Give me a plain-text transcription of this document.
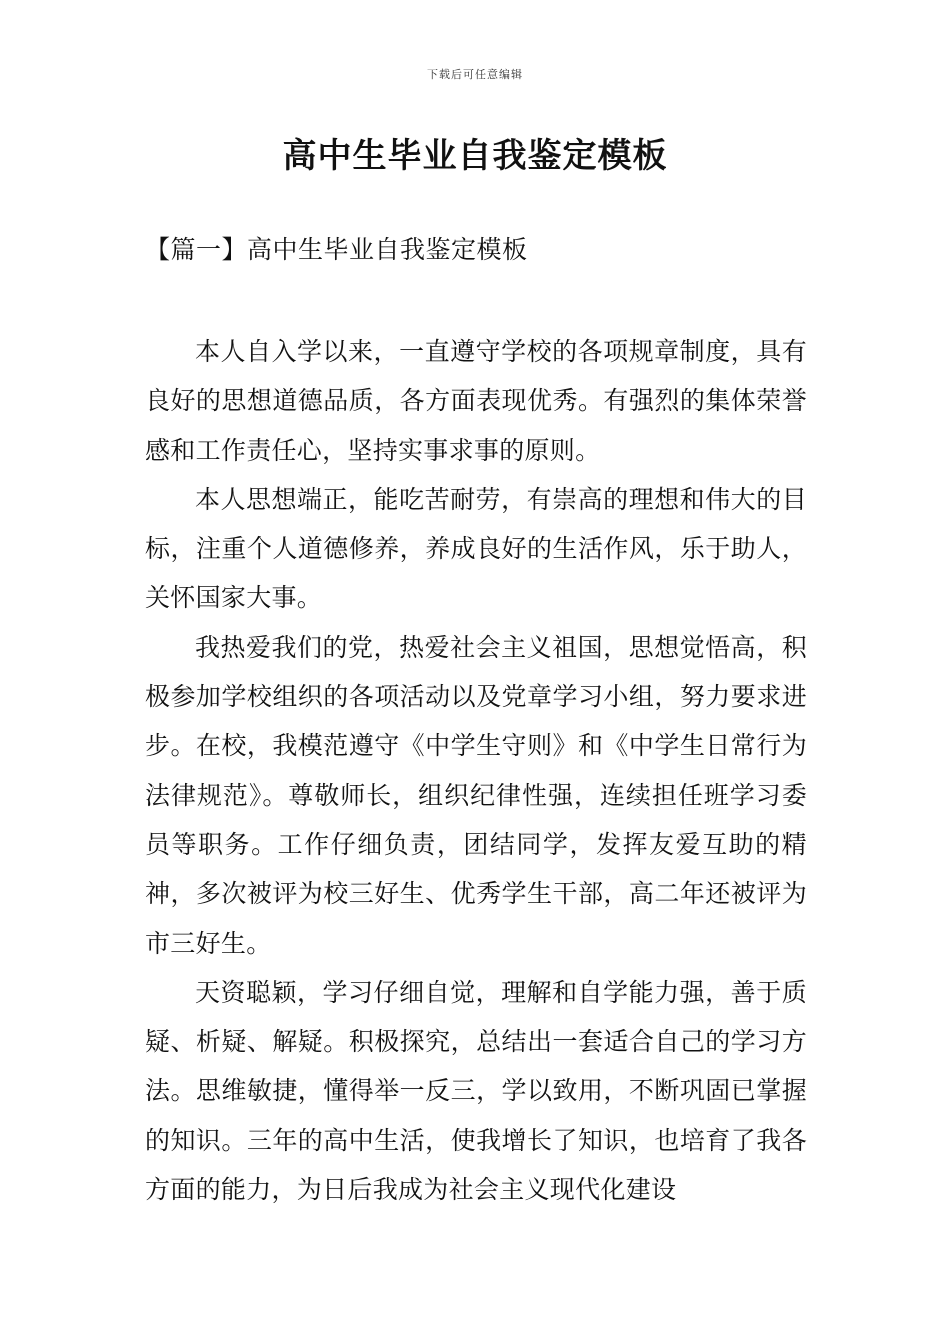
下载后可任意编辑
高中生毕业自我鉴定模板
【篇一】高中生毕业自我鉴定模板

本人自入学以来，一直遵守学校的各项规章制度，具有良好的思想道德品质，各方面表现优秀。有强烈的集体荣誉感和工作责任心，坚持实事求事的原则。

本人思想端正，能吃苦耐劳，有崇高的理想和伟大的目标，注重个人道德修养，养成良好的生活作风，乐于助人，关怀国家大事。

我热爱我们的党，热爱社会主义祖国，思想觉悟高，积极参加学校组织的各项活动以及党章学习小组，努力要求进步。在校，我模范遵守《中学生守则》和《中学生日常行为法律规范》。尊敬师长，组织纪律性强，连续担任班学习委员等职务。工作仔细负责，团结同学，发挥友爱互助的精神，多次被评为校三好生、优秀学生干部，高二年还被评为市三好生。

天资聪颖，学习仔细自觉，理解和自学能力强，善于质疑、析疑、解疑。积极探究，总结出一套适合自己的学习方法。思维敏捷，懂得举一反三，学以致用，不断巩固已掌握的知识。三年的高中生活，使我增长了知识，也培育了我各方面的能力，为日后我成为社会主义现代化建设
